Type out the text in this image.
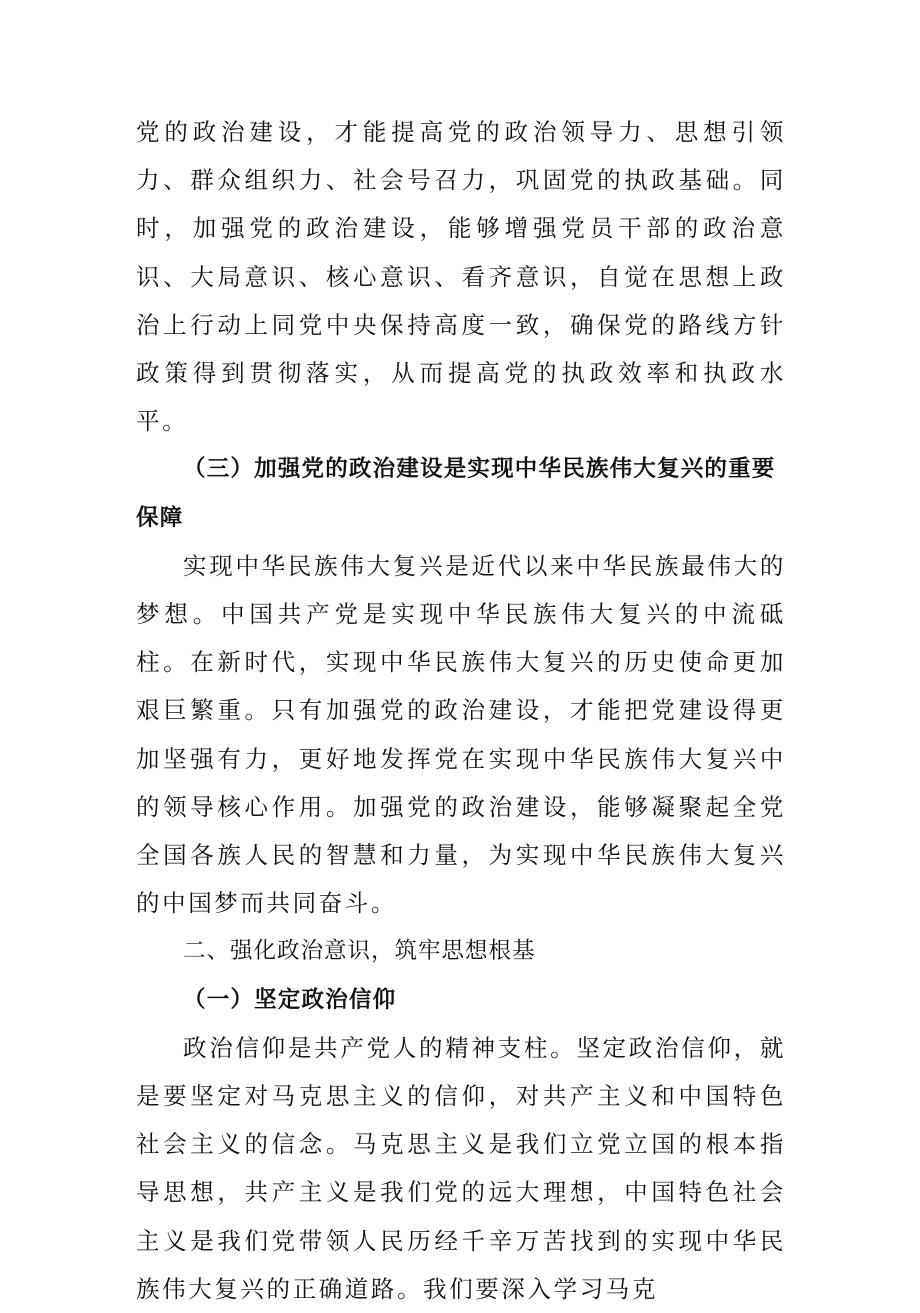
党的政治建设，才能提高党的政治领导力、思想引领力、群众组织力、社会号召力，巩固党的执政基础。同时，加强党的政治建设，能够增强党员干部的政治意识、大局意识、核心意识、看齐意识，自觉在思想上政治上行动上同党中央保持高度一致，确保党的路线方针政策得到贯彻落实，从而提高党的执政效率和执政水平。

（三）加强党的政治建设是实现中华民族伟大复兴的重要保障

实现中华民族伟大复兴是近代以来中华民族最伟大的梦想。中国共产党是实现中华民族伟大复兴的中流砥柱。在新时代，实现中华民族伟大复兴的历史使命更加艰巨繁重。只有加强党的政治建设，才能把党建设得更加坚强有力，更好地发挥党在实现中华民族伟大复兴中的领导核心作用。加强党的政治建设，能够凝聚起全党全国各族人民的智慧和力量，为实现中华民族伟大复兴的中国梦而共同奋斗。

二、强化政治意识，筑牢思想根基

（一）坚定政治信仰

政治信仰是共产党人的精神支柱。坚定政治信仰，就是要坚定对马克思主义的信仰，对共产主义和中国特色社会主义的信念。马克思主义是我们立党立国的根本指导思想，共产主义是我们党的远大理想，中国特色社会主义是我们党带领人民历经千辛万苦找到的实现中华民族伟大复兴的正确道路。我们要深入学习马克
